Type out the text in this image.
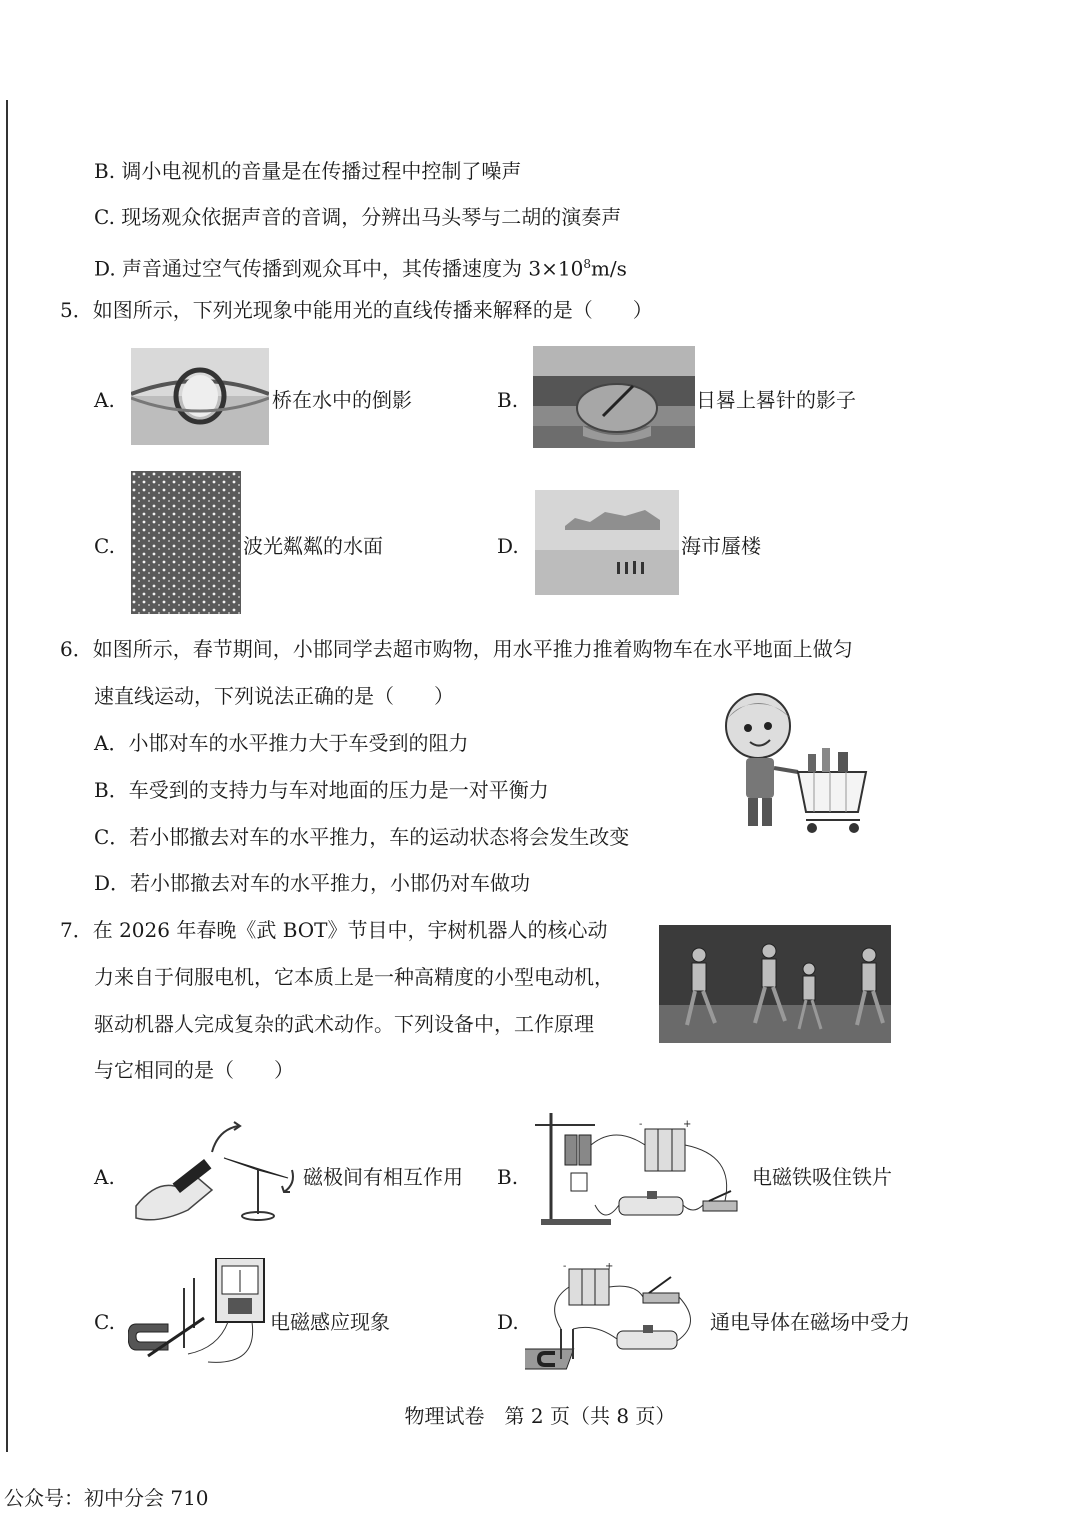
B. 调小电视机的音量是在传播过程中控制了噪声
C. 现场观众依据声音的音调，分辨出马头琴与二胡的演奏声
D. 声音通过空气传播到观众耳中，其传播速度为 $3\times 10^8m/s$
5．如图所示，下列光现象中能用光的直线传播来解释的是（　　）
A.	桥在水中的倒影	B.	日晷上晷针的影子
C.	波光粼粼的水面	D.	海市蜃楼
6．如图所示，春节期间，小邯同学去超市购物，用水平推力推着购物车在水平地面上做匀
速直线运动，下列说法正确的是（　　）
A．小邯对车的水平推力大于车受到的阻力
B．车受到的支持力与车对地面的压力是一对平衡力
C．若小邯撤去对车的水平推力，车的运动状态将会发生改变
D．若小邯撤去对车的水平推力，小邯仍对车做功
7．在 2026 年春晚《武 BOT》节目中，宇树机器人的核心动
力来自于伺服电机，它本质上是一种高精度的小型电动机，
驱动机器人完成复杂的武术动作。下列设备中，工作原理
与它相同的是（　　）
A.	磁极间有相互作用 B.
-	+
电磁铁吸住铁片
C.	电磁感应现象	D.
-	+
通电导体在磁场中受力
物理试卷　第 2 页（共 8 页）
公众号：初中分会 710
